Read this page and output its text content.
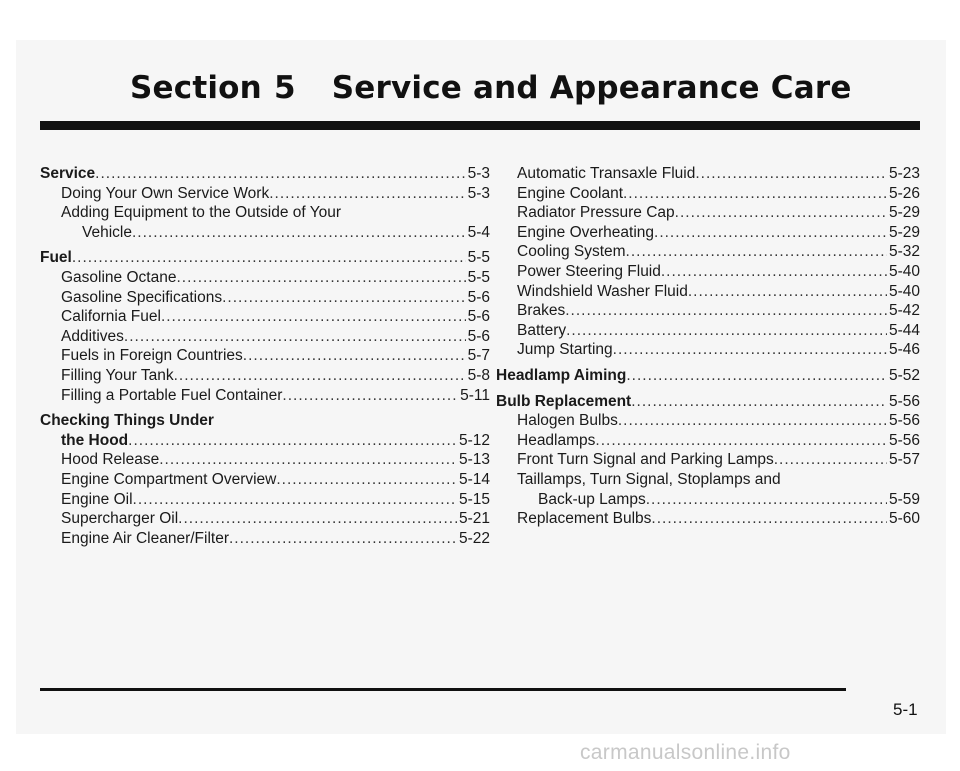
Section 5 Service and Appearance Care
Service .....	5-3
Doing Your Own Service Work .....	5-3
Adding Equipment to the Outside of Your
Vehicle .....	5-4
Fuel .....	5-5
Gasoline Octane .....	5-5
Gasoline Specifications .....	5-6
California Fuel .....	5-6
Additives .....	5-6
Fuels in Foreign Countries .....	5-7
Filling Your Tank .....	5-8
Filling a Portable Fuel Container .....	5-11
Checking Things Under
the Hood .....	5-12
Hood Release .....	5-13
Engine Compartment Overview .....	5-14
Engine Oil .....	5-15
Supercharger Oil .....	5-21
Engine Air Cleaner/Filter .....	5-22
Automatic Transaxle Fluid .....	5-23
Engine Coolant .....	5-26
Radiator Pressure Cap .....	5-29
Engine Overheating .....	5-29
Cooling System .....	5-32
Power Steering Fluid .....	5-40
Windshield Washer Fluid .....	5-40
Brakes .....	5-42
Battery .....	5-44
Jump Starting .....	5-46
Headlamp Aiming .....	5-52
Bulb Replacement .....	5-56
Halogen Bulbs .....	5-56
Headlamps .....	5-56
Front Turn Signal and Parking Lamps .....	5-57
Taillamps, Turn Signal, Stoplamps and
Back-up Lamps .....	5-59
Replacement Bulbs .....	5-60
5-1
carmanualsonline.info
